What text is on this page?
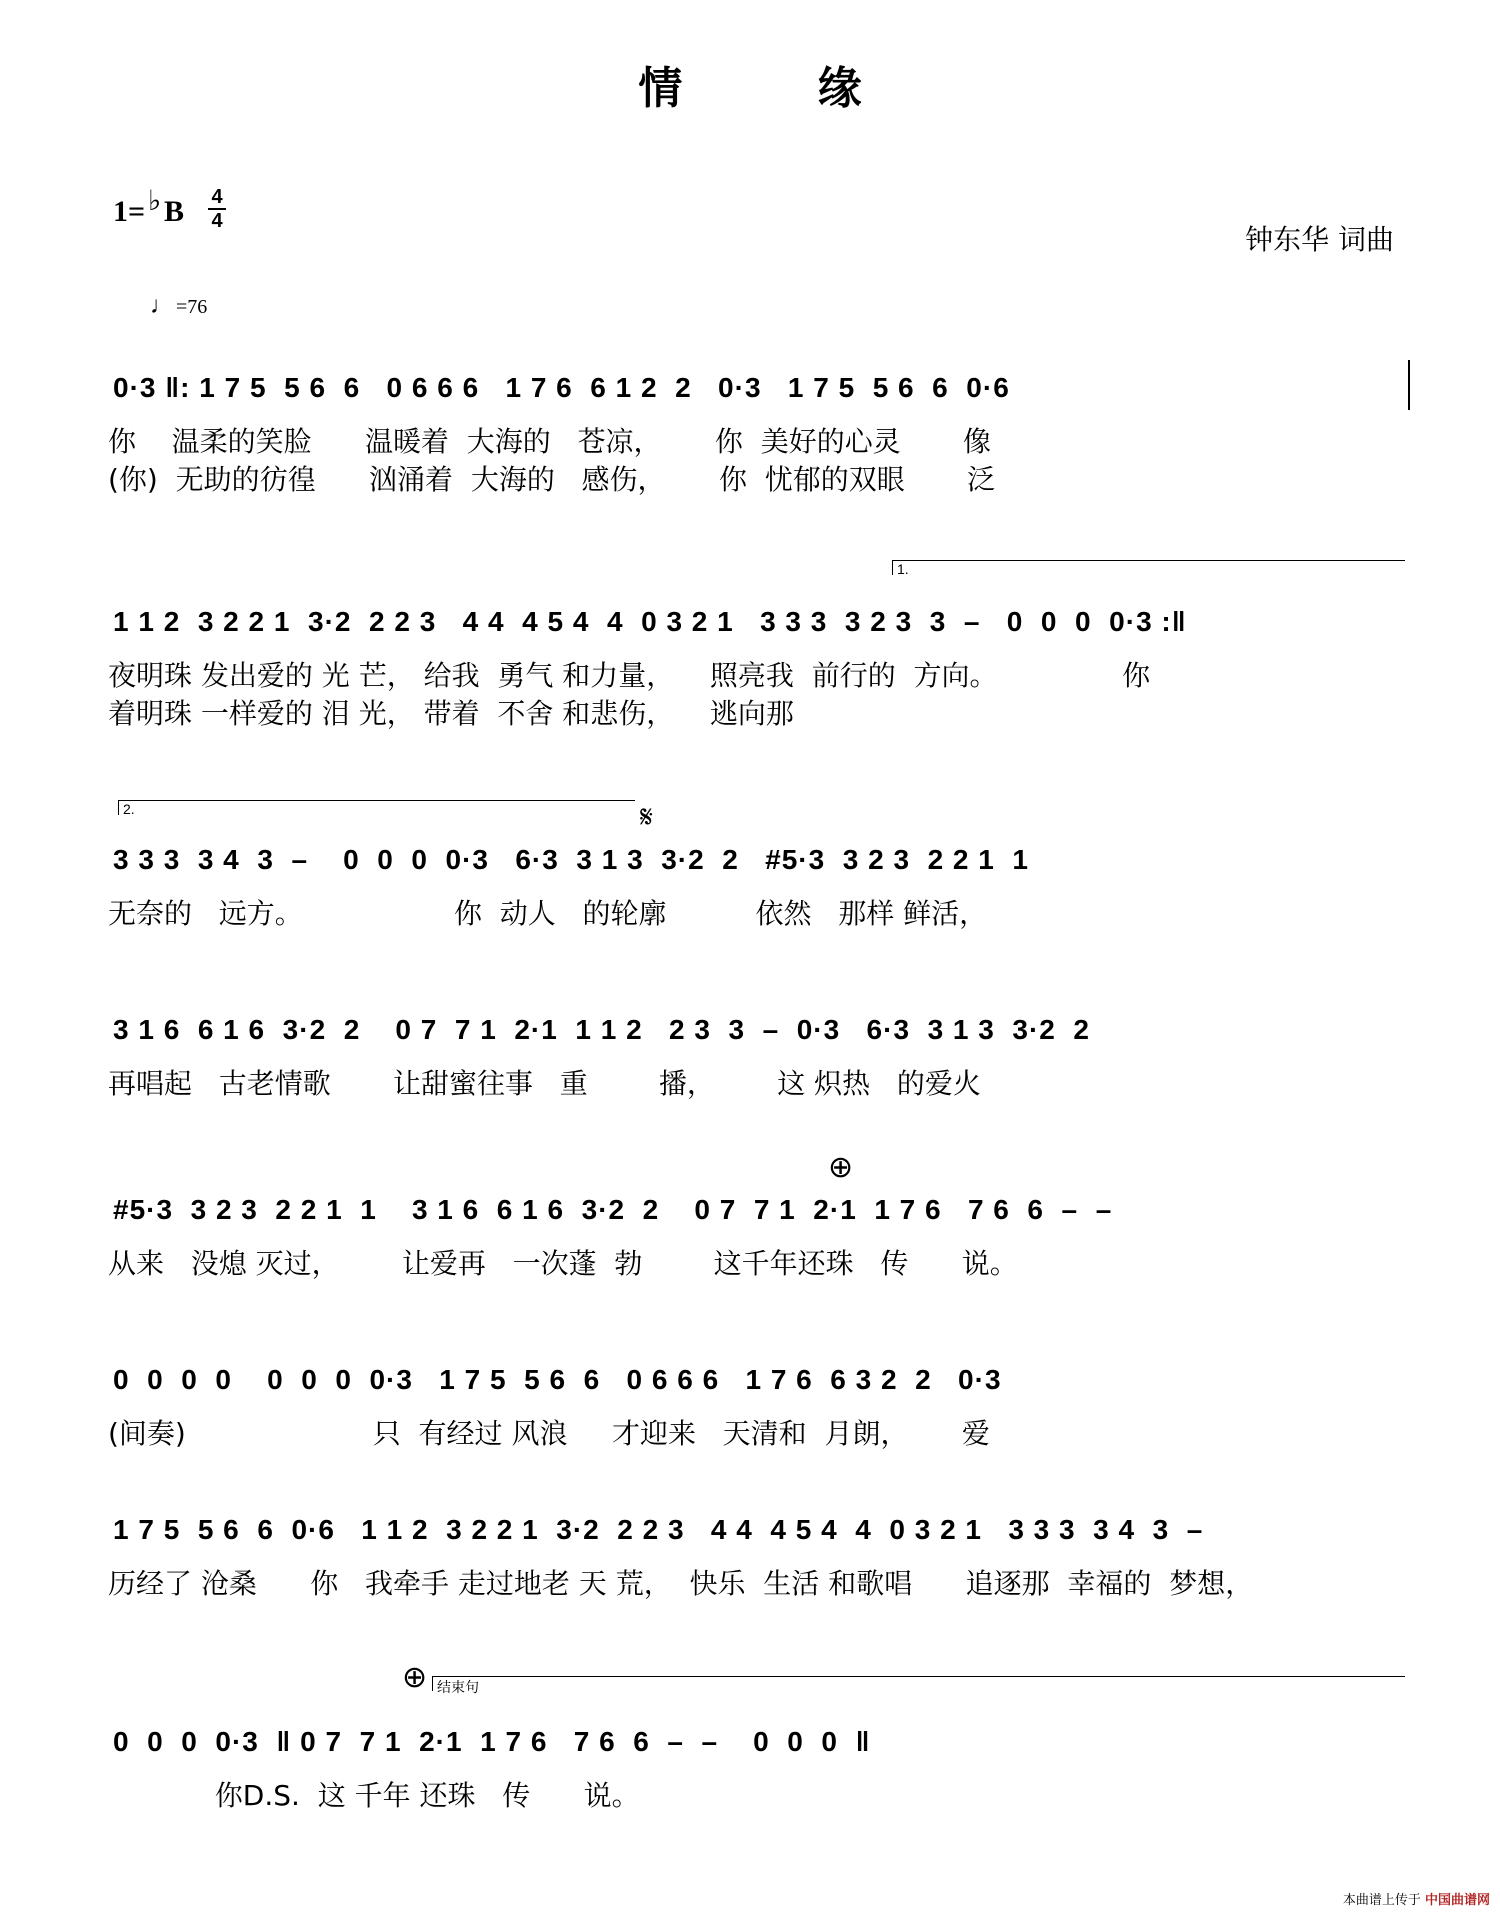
情 缘
1= ♭ B 4
4
钟东华 词曲
♩ =76
0·3 ‖: 1 7 5  5 6  6   0 6 6 6   1 7 6  6 1 2  2   0·3   1 7 5  5 6  6  0·6
你    温柔的笑脸      温暖着  大海的   苍凉，      你  美好的心灵       像
(你)  无助的彷徨      汹涌着  大海的   感伤，      你  忧郁的双眼       泛
1.
1 1 2  3 2 2 1  3·2  2 2 3   4 4  4 5 4  4  0 3 2 1   3 3 3  3 2 3  3  –   0  0  0  0·3 :‖
夜明珠 发出爱的 光 芒， 给我  勇气 和力量，    照亮我  前行的  方向。              你
着明珠 一样爱的 泪 光， 带着  不舍 和悲伤，    逃向那
2.	𝄋
3 3 3  3 4  3  –    0  0  0  0·3   6·3  3 1 3  3·2  2   #5·3  3 2 3  2 2 1  1
无奈的   远方。                 你  动人   的轮廓          依然   那样 鲜活，
3 1 6  6 1 6  3·2  2    0 7  7 1  2·1  1 1 2   2 3  3  –  0·3   6·3  3 1 3  3·2  2
再唱起   古老情歌       让甜蜜往事   重        播，       这 炽热   的爱火
⊕
#5·3  3 2 3  2 2 1  1    3 1 6  6 1 6  3·2  2    0 7  7 1  2·1  1 7 6   7 6  6  –  –
从来   没熄 灭过，       让爱再   一次蓬  勃        这千年还珠   传      说。
0  0  0  0    0  0  0  0·3   1 7 5  5 6  6   0 6 6 6   1 7 6  6 3 2  2   0·3
(间奏)                     只  有经过 风浪     才迎来   天清和  月朗，      爱
1 7 5  5 6  6  0·6   1 1 2  3 2 2 1  3·2  2 2 3   4 4  4 5 4  4  0 3 2 1   3 3 3  3 4  3  –
历经了 沧桑      你   我牵手 走过地老 天 荒，  快乐  生活 和歌唱      追逐那  幸福的  梦想，
⊕ 结束句
0  0  0  0·3  ‖ 0 7  7 1  2·1  1 7 6   7 6  6  –  –    0  0  0  ‖
你D.S.  这 千年 还珠   传      说。
本曲谱上传于 中国曲谱网
